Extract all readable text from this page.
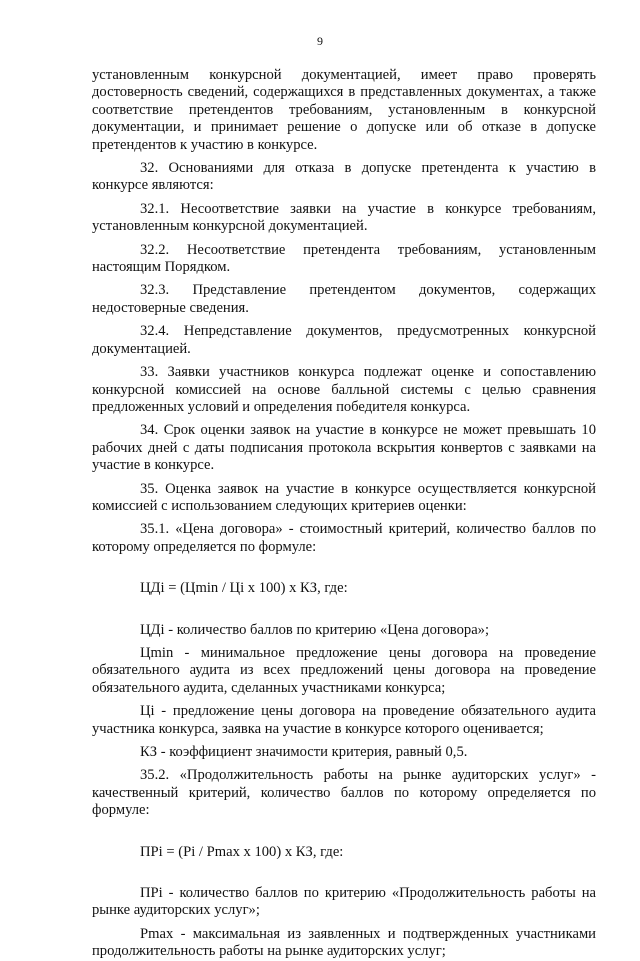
9

установленным конкурсной документацией, имеет право проверять достоверность сведений, содержащихся в представленных документах, а также соответствие претендентов требованиям, установленным в конкурсной документации, и принимает решение о допуске или об отказе в допуске претендентов к участию в конкурсе.

32. Основаниями для отказа в допуске претендента к участию в конкурсе являются:

32.1. Несоответствие заявки на участие в конкурсе требованиям, установленным конкурсной документацией.

32.2. Несоответствие претендента требованиям, установленным настоящим Порядком.

32.3. Представление претендентом документов, содержащих недостоверные сведения.

32.4. Непредставление документов, предусмотренных конкурсной документацией.

33. Заявки участников конкурса подлежат оценке и сопоставлению конкурсной комиссией на основе балльной системы с целью сравнения предложенных условий и определения победителя конкурса.

34. Срок оценки заявок на участие в конкурсе не может превышать 10 рабочих дней с даты подписания протокола вскрытия конвертов с заявками на участие в конкурсе.

35. Оценка заявок на участие в конкурсе осуществляется конкурсной комиссией с использованием следующих критериев оценки:

35.1. «Цена договора» - стоимостный критерий, количество баллов по которому определяется по формуле:

ЦДi = (Цmin / Цi x 100) x КЗ, где:

ЦДi - количество баллов по критерию «Цена договора»;

Цmin - минимальное предложение цены договора на проведение обязательного аудита из всех предложений цены договора на проведение обязательного аудита, сделанных участниками конкурса;

Цi - предложение цены договора на проведение обязательного аудита участника конкурса, заявка на участие в конкурсе которого оценивается;

КЗ - коэффициент значимости критерия, равный 0,5.

35.2. «Продолжительность работы на рынке аудиторских услуг» - качественный критерий, количество баллов по которому определяется по формуле:

ПРi = (Pi / Pmax x 100) x КЗ, где:

ПРi - количество баллов по критерию «Продолжительность работы на рынке аудиторских услуг»;

Pmax - максимальная из заявленных и подтвержденных участниками продолжительность работы на рынке аудиторских услуг;
